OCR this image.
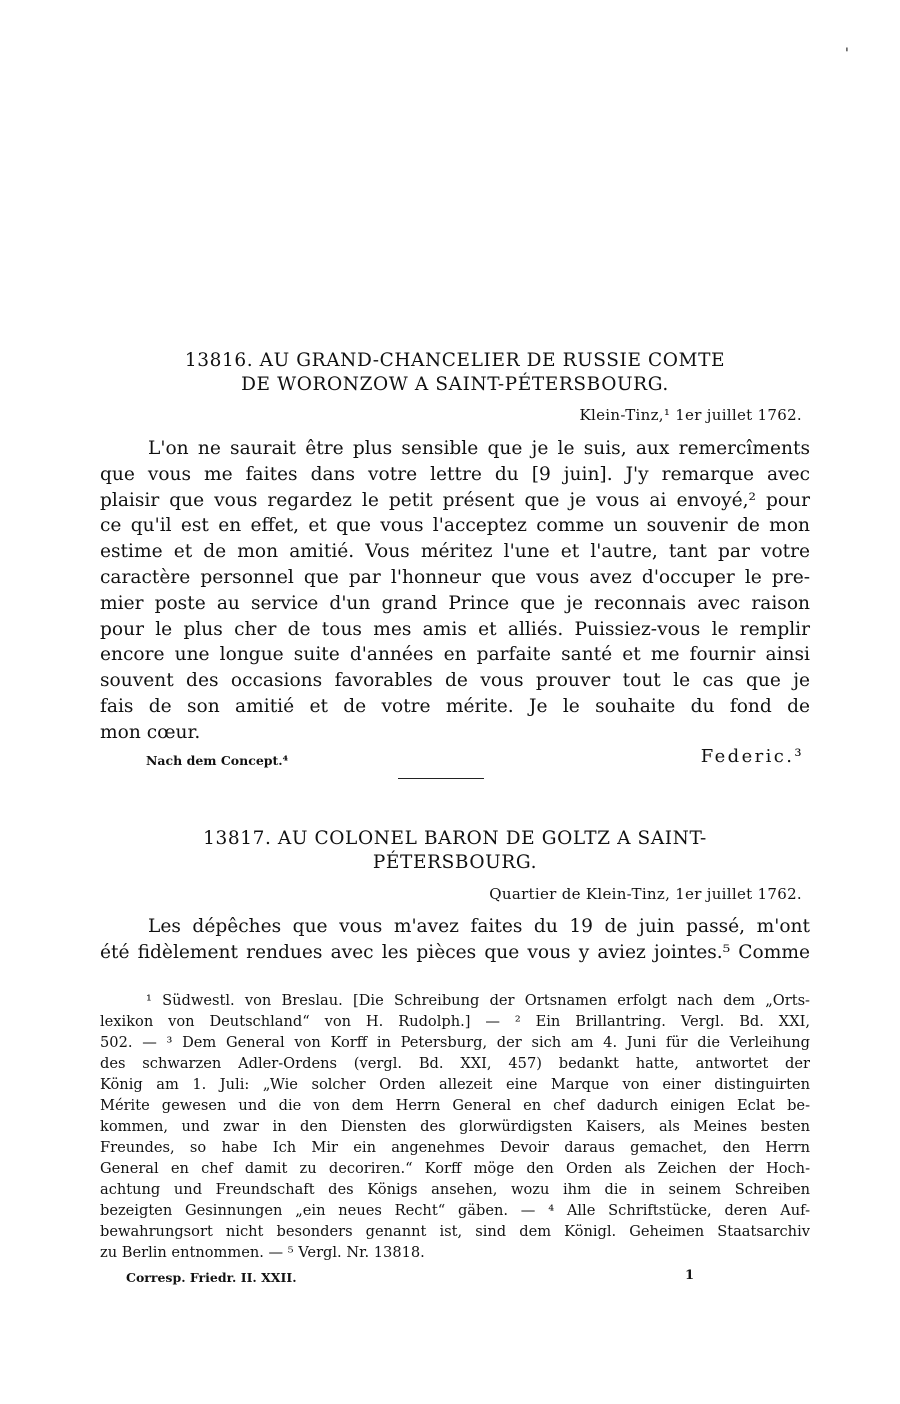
'
13816. AU GRAND-CHANCELIER DE RUSSIE COMTE
DE WORONZOW A SAINT-PÉTERSBOURG.
Klein-Tinz,¹ 1er juillet 1762.
L'on ne saurait être plus sensible que je le suis, aux remercîments
que vous me faites dans votre lettre du [9 juin]. J'y remarque avec
plaisir que vous regardez le petit présent que je vous ai envoyé,² pour
ce qu'il est en effet, et que vous l'acceptez comme un souvenir de mon
estime et de mon amitié. Vous méritez l'une et l'autre, tant par votre
caractère personnel que par l'honneur que vous avez d'occuper le pre-
mier poste au service d'un grand Prince que je reconnais avec raison
pour le plus cher de tous mes amis et alliés. Puissiez-vous le remplir
encore une longue suite d'années en parfaite santé et me fournir ainsi
souvent des occasions favorables de vous prouver tout le cas que je
fais de son amitié et de votre mérite. Je le souhaite du fond de
mon cœur.
Nach dem Concept.⁴	Federic.³
13817. AU COLONEL BARON DE GOLTZ A SAINT-
PÉTERSBOURG.
Quartier de Klein-Tinz, 1er juillet 1762.
Les dépêches que vous m'avez faites du 19 de juin passé, m'ont
été fidèlement rendues avec les pièces que vous y aviez jointes.⁵ Comme
¹ Südwestl. von Breslau. [Die Schreibung der Ortsnamen erfolgt nach dem „Orts-
lexikon von Deutschland“ von H. Rudolph.] — ² Ein Brillantring. Vergl. Bd. XXI,
502. — ³ Dem General von Korff in Petersburg, der sich am 4. Juni für die Verleihung
des schwarzen Adler-Ordens (vergl. Bd. XXI, 457) bedankt hatte, antwortet der
König am 1. Juli: „Wie solcher Orden allezeit eine Marque von einer distinguirten
Mérite gewesen und die von dem Herrn General en chef dadurch einigen Eclat be-
kommen, und zwar in den Diensten des glorwürdigsten Kaisers, als Meines besten
Freundes, so habe Ich Mir ein angenehmes Devoir daraus gemachet, den Herrn
General en chef damit zu decoriren.“ Korff möge den Orden als Zeichen der Hoch-
achtung und Freundschaft des Königs ansehen, wozu ihm die in seinem Schreiben
bezeigten Gesinnungen „ein neues Recht“ gäben. — ⁴ Alle Schriftstücke, deren Auf-
bewahrungsort nicht besonders genannt ist, sind dem Königl. Geheimen Staatsarchiv
zu Berlin entnommen. — ⁵ Vergl. Nr. 13818.
Corresp. Friedr. II. XXII.	1
